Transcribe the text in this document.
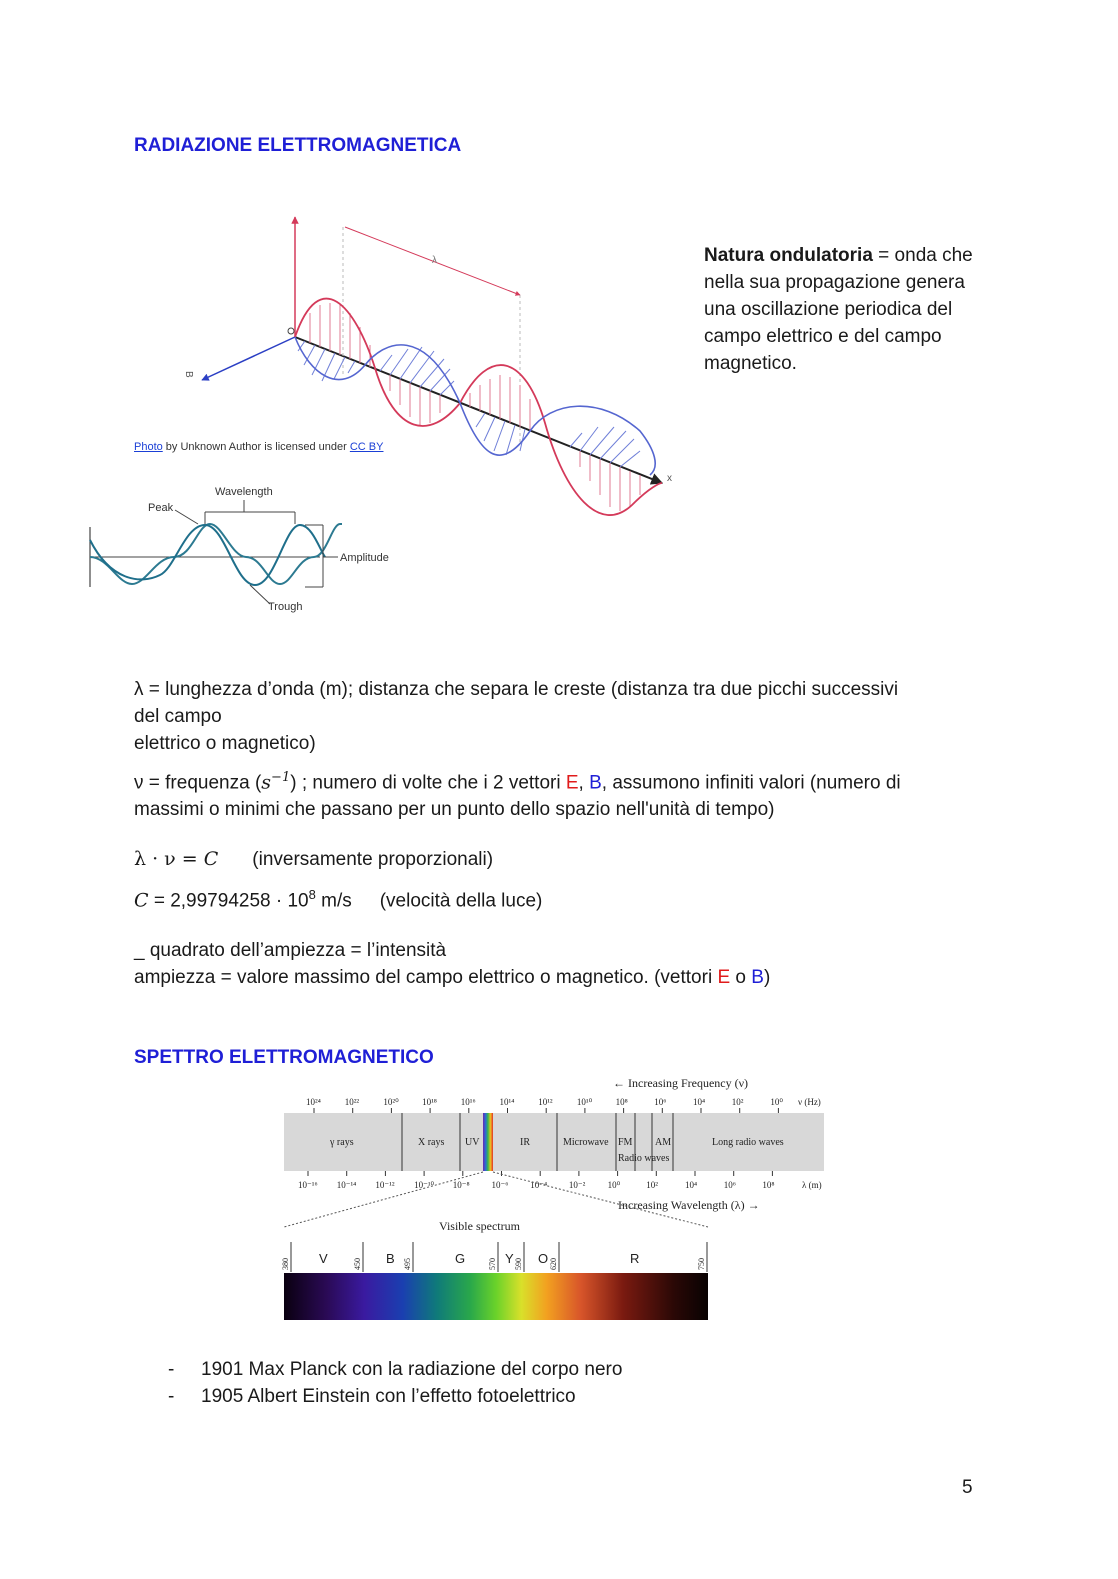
RADIAZIONE ELETTROMAGNETICA
B
x
λ
Photo by Unknown Author is licensed under CC BY
Natura ondulatoria = onda che nella sua propagazione genera una oscillazione periodica del campo elettrico e del campo magnetico.
Wavelength
Peak
Amplitude
Trough
λ = lunghezza d’onda (m); distanza che separa le creste (distanza tra due picchi successivi
del campo
elettrico o magnetico)
ν = frequenza $(s^{-1})$ ; numero di volte che i 2 vettori E, B, assumono infiniti valori (numero di
massimi o minimi che passano per un punto dello spazio nell'unità di tempo)
λ · ν = C (inversamente proporzionali)
$C = 2,99794258 \cdot 10^8$ m/s (velocità della luce)
_ quadrato dell’ampiezza = l’intensità
ampiezza = valore massimo del campo elettrico o magnetico. (vettori E o B)
SPETTRO ELETTROMAGNETICO
← Increasing Frequency (ν)
10²⁴	10²²	10²⁰	10¹⁸	10¹⁶	10¹⁴	10¹²	10¹⁰	10⁸	10⁶	10⁴	10²	10⁰ ν (Hz)
γ rays	X rays UV	IR	Microwave FM AM
Radio waves
Long radio waves
10⁻¹⁶ 10⁻¹⁴ 10⁻¹² 10⁻¹⁰ 10⁻⁸ 10⁻⁶ 10⁻⁴ 10⁻² 10⁰	10²	10⁴	10⁶	10⁸	λ (m)
Increasing Wavelength (λ) →
Visible spectrum
380	450	495	570 590	620	750
V	B	G	Y O	R
- 1901 Max Planck con la radiazione del corpo nero
- 1905 Albert Einstein con l’effetto fotoelettrico
5
